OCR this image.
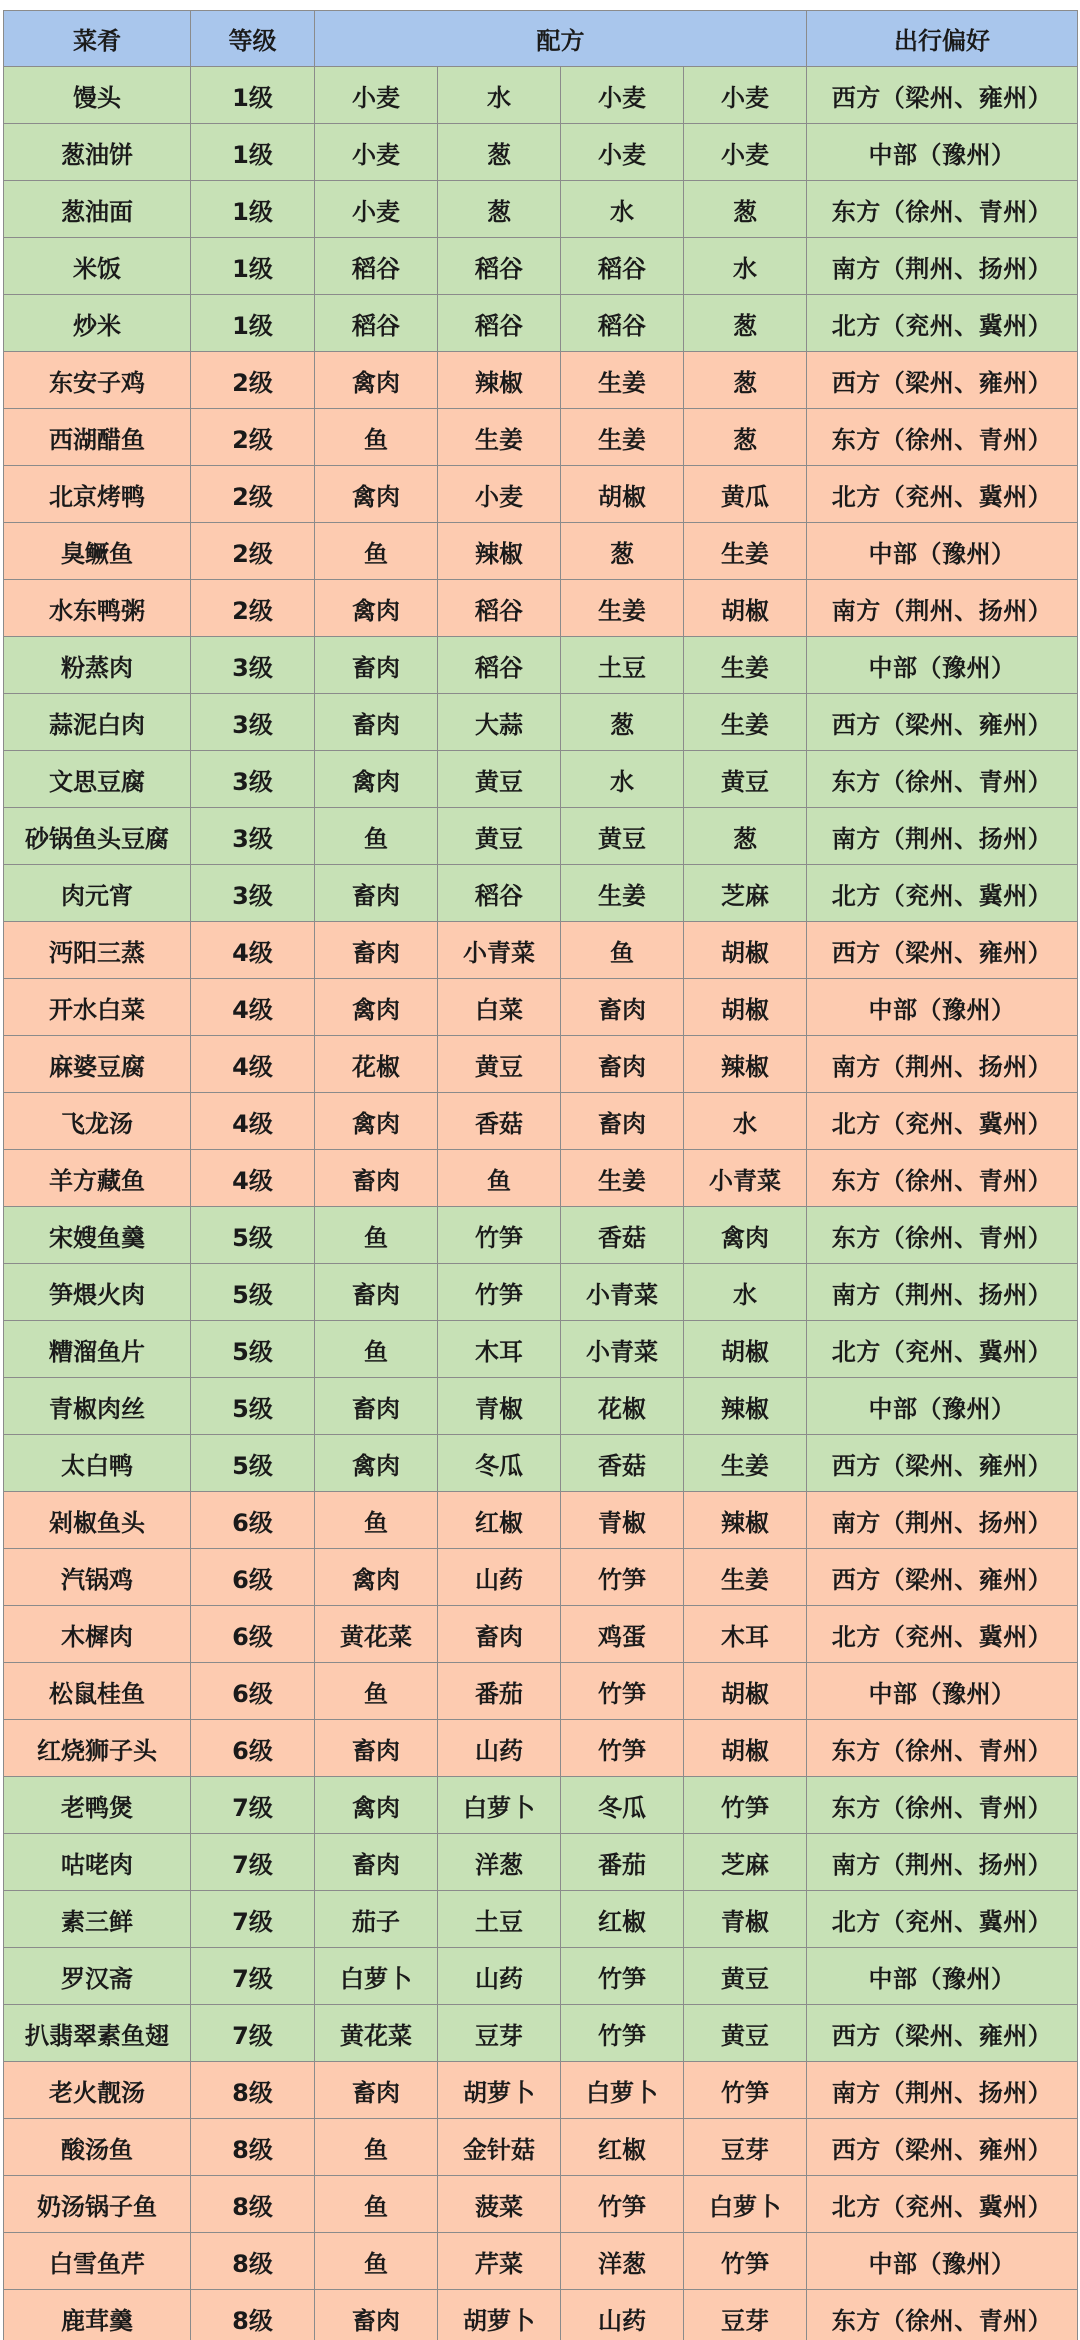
菜肴	等级	配方				出行偏好
馒头	1级	小麦	水	小麦	小麦	西方（梁州、雍州）
葱油饼	1级	小麦	葱	小麦	小麦	中部（豫州）
葱油面	1级	小麦	葱	水	葱	东方（徐州、青州）
米饭	1级	稻谷	稻谷	稻谷	水	南方（荆州、扬州）
炒米	1级	稻谷	稻谷	稻谷	葱	北方（兖州、冀州）
东安子鸡	2级	禽肉	辣椒	生姜	葱	西方（梁州、雍州）
西湖醋鱼	2级	鱼	生姜	生姜	葱	东方（徐州、青州）
北京烤鸭	2级	禽肉	小麦	胡椒	黄瓜	北方（兖州、冀州）
臭鳜鱼	2级	鱼	辣椒	葱	生姜	中部（豫州）
水东鸭粥	2级	禽肉	稻谷	生姜	胡椒	南方（荆州、扬州）
粉蒸肉	3级	畜肉	稻谷	土豆	生姜	中部（豫州）
蒜泥白肉	3级	畜肉	大蒜	葱	生姜	西方（梁州、雍州）
文思豆腐	3级	禽肉	黄豆	水	黄豆	东方（徐州、青州）
砂锅鱼头豆腐	3级	鱼	黄豆	黄豆	葱	南方（荆州、扬州）
肉元宵	3级	畜肉	稻谷	生姜	芝麻	北方（兖州、冀州）
沔阳三蒸	4级	畜肉	小青菜	鱼	胡椒	西方（梁州、雍州）
开水白菜	4级	禽肉	白菜	畜肉	胡椒	中部（豫州）
麻婆豆腐	4级	花椒	黄豆	畜肉	辣椒	南方（荆州、扬州）
飞龙汤	4级	禽肉	香菇	畜肉	水	北方（兖州、冀州）
羊方藏鱼	4级	畜肉	鱼	生姜	小青菜	东方（徐州、青州）
宋嫂鱼羹	5级	鱼	竹笋	香菇	禽肉	东方（徐州、青州）
笋煨火肉	5级	畜肉	竹笋	小青菜	水	南方（荆州、扬州）
糟溜鱼片	5级	鱼	木耳	小青菜	胡椒	北方（兖州、冀州）
青椒肉丝	5级	畜肉	青椒	花椒	辣椒	中部（豫州）
太白鸭	5级	禽肉	冬瓜	香菇	生姜	西方（梁州、雍州）
剁椒鱼头	6级	鱼	红椒	青椒	辣椒	南方（荆州、扬州）
汽锅鸡	6级	禽肉	山药	竹笋	生姜	西方（梁州、雍州）
木樨肉	6级	黄花菜	畜肉	鸡蛋	木耳	北方（兖州、冀州）
松鼠桂鱼	6级	鱼	番茄	竹笋	胡椒	中部（豫州）
红烧狮子头	6级	畜肉	山药	竹笋	胡椒	东方（徐州、青州）
老鸭煲	7级	禽肉	白萝卜	冬瓜	竹笋	东方（徐州、青州）
咕咾肉	7级	畜肉	洋葱	番茄	芝麻	南方（荆州、扬州）
素三鲜	7级	茄子	土豆	红椒	青椒	北方（兖州、冀州）
罗汉斋	7级	白萝卜	山药	竹笋	黄豆	中部（豫州）
扒翡翠素鱼翅	7级	黄花菜	豆芽	竹笋	黄豆	西方（梁州、雍州）
老火靓汤	8级	畜肉	胡萝卜	白萝卜	竹笋	南方（荆州、扬州）
酸汤鱼	8级	鱼	金针菇	红椒	豆芽	西方（梁州、雍州）
奶汤锅子鱼	8级	鱼	菠菜	竹笋	白萝卜	北方（兖州、冀州）
白雪鱼芹	8级	鱼	芹菜	洋葱	竹笋	中部（豫州）
鹿茸羹	8级	畜肉	胡萝卜	山药	豆芽	东方（徐州、青州）
